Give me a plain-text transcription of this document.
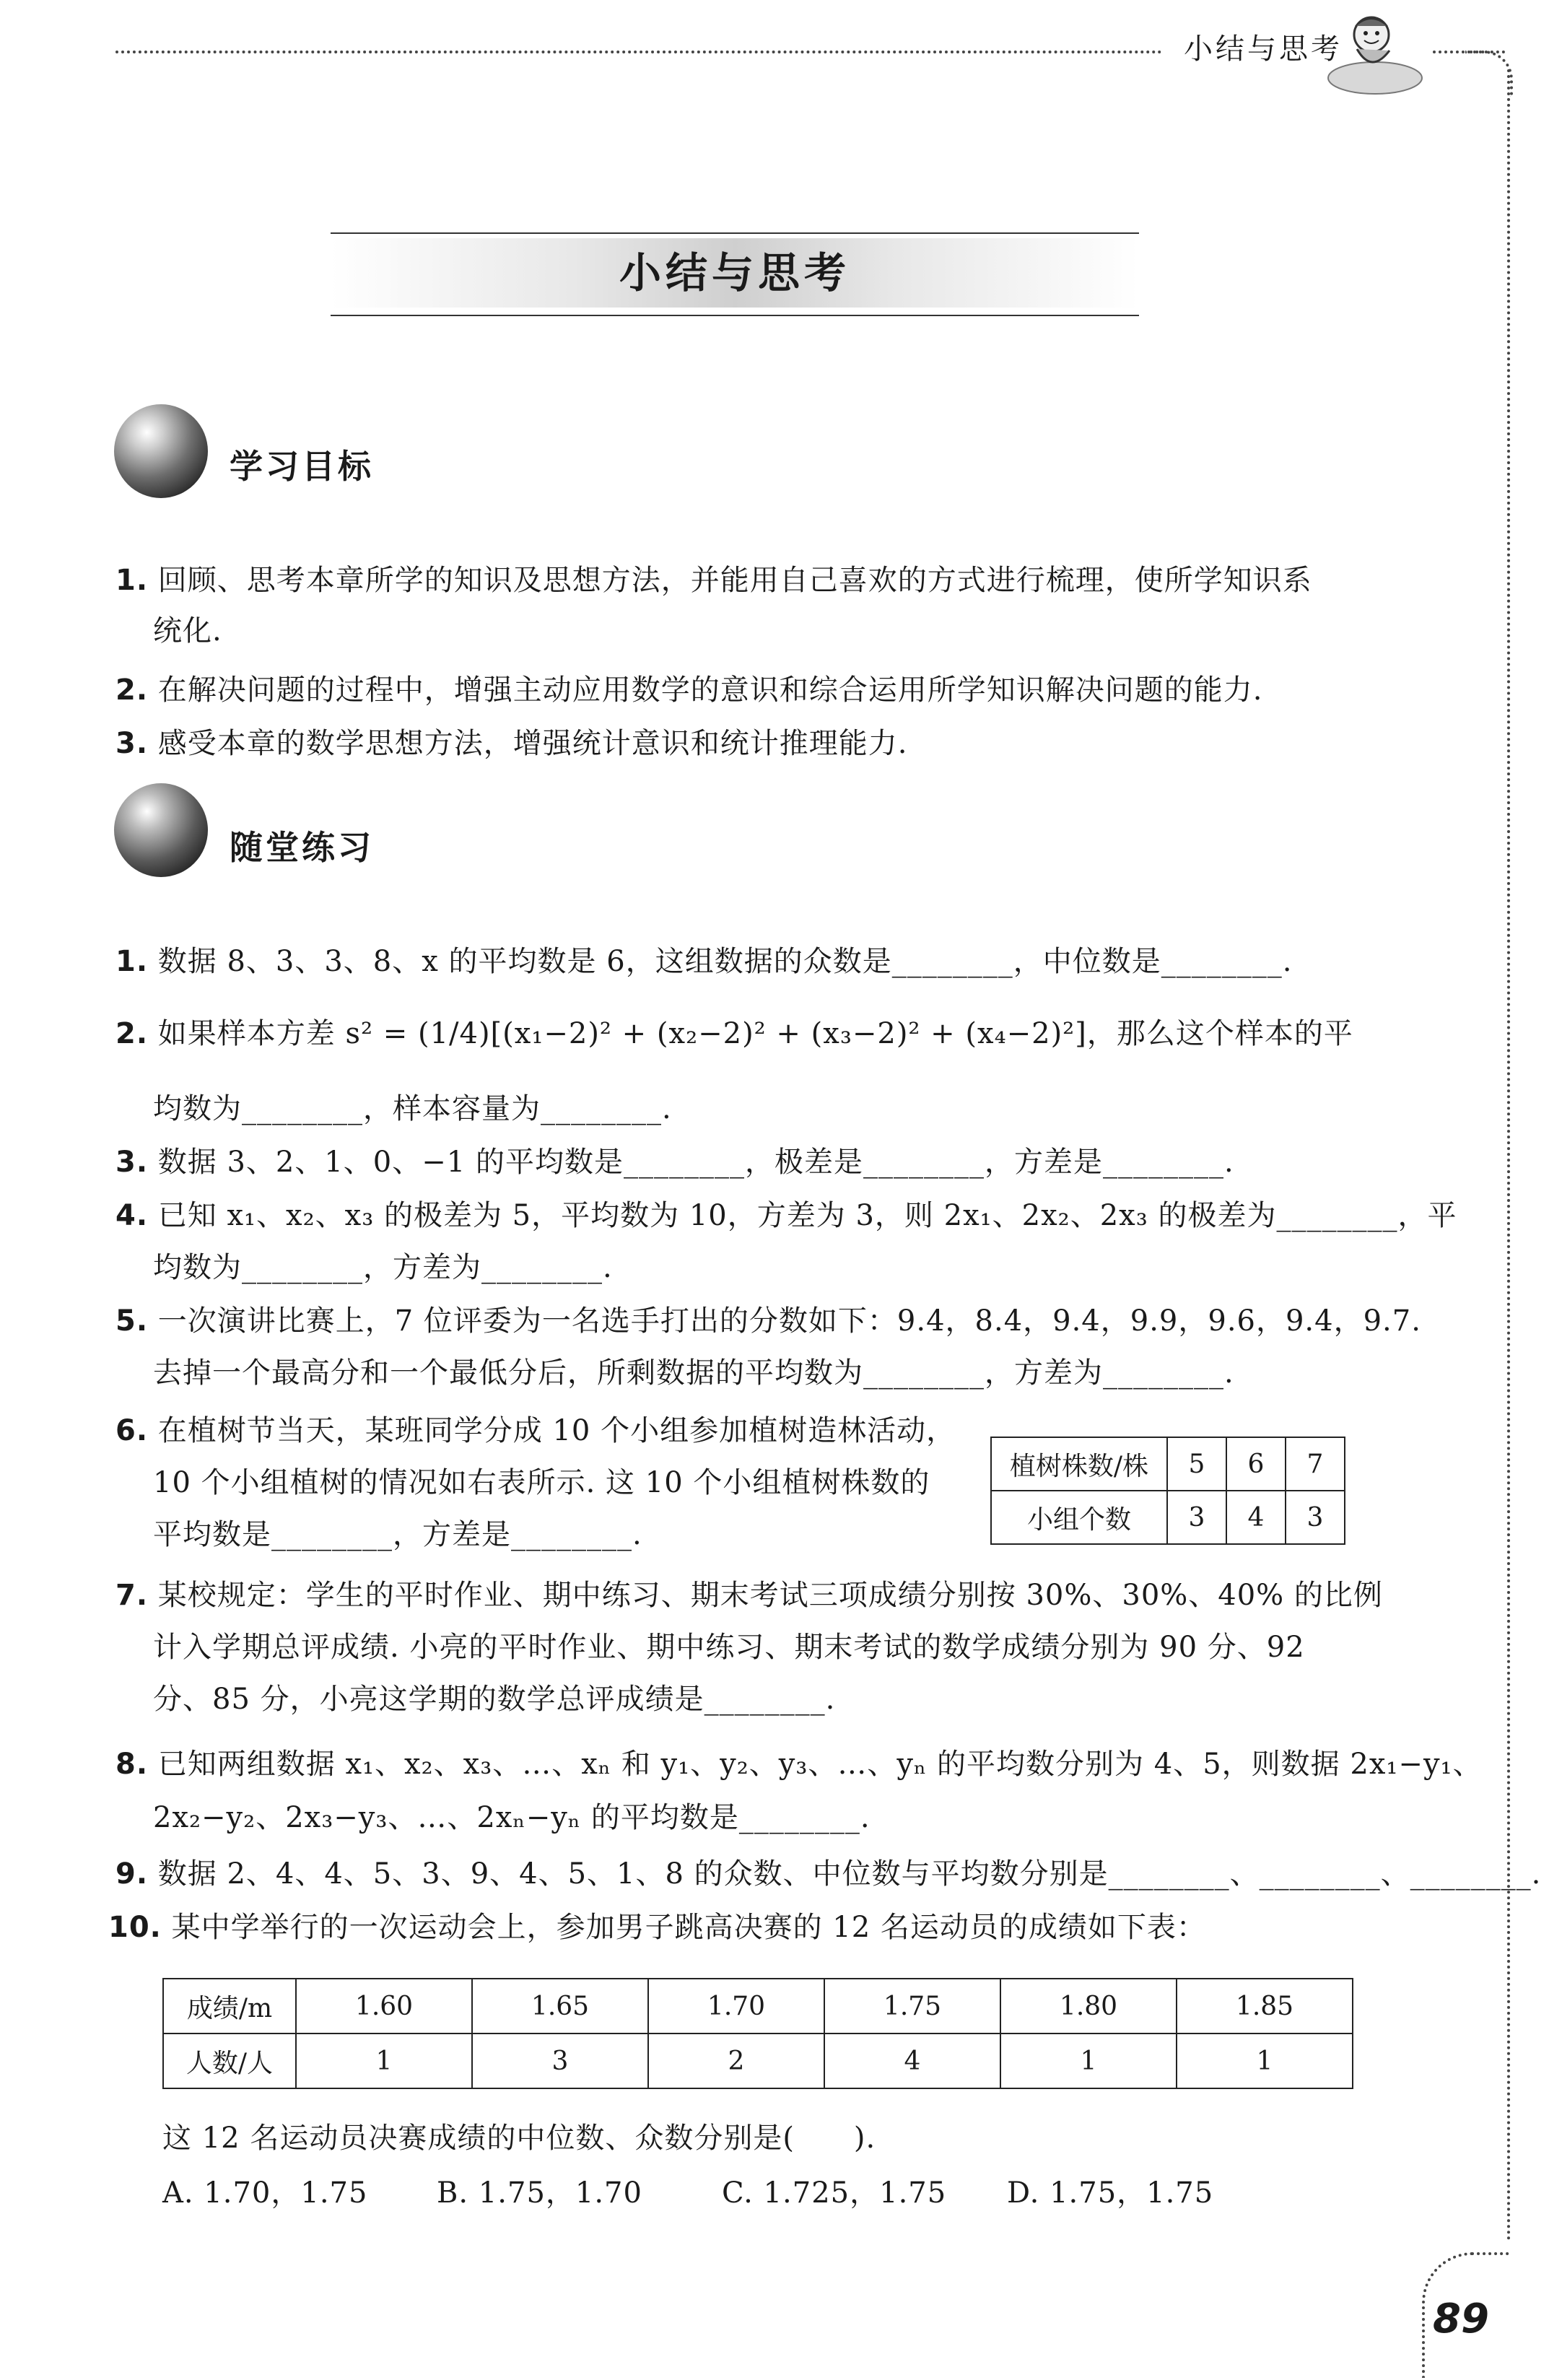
小结与思考
小结与思考
学习目标
1. 回顾、思考本章所学的知识及思想方法，并能用自己喜欢的方式进行梳理，使所学知识系
统化.
2. 在解决问题的过程中，增强主动应用数学的意识和综合运用所学知识解决问题的能力.
3. 感受本章的数学思想方法，增强统计意识和统计推理能力.
随堂练习
1. 数据 8、3、3、8、x 的平均数是 6，这组数据的众数是________，中位数是________.
2. 如果样本方差 s² = (1/4)[(x₁−2)² + (x₂−2)² + (x₃−2)² + (x₄−2)²]，那么这个样本的平
均数为________，样本容量为________.
3. 数据 3、2、1、0、−1 的平均数是________，极差是________，方差是________.
4. 已知 x₁、x₂、x₃ 的极差为 5，平均数为 10，方差为 3，则 2x₁、2x₂、2x₃ 的极差为________，平
均数为________，方差为________.
5. 一次演讲比赛上，7 位评委为一名选手打出的分数如下：9.4，8.4，9.4，9.9，9.6，9.4，9.7.
去掉一个最高分和一个最低分后，所剩数据的平均数为________，方差为________.
6. 在植树节当天，某班同学分成 10 个小组参加植树造林活动，
10 个小组植树的情况如右表所示. 这 10 个小组植树株数的
平均数是________，方差是________.
植树株数/株	5	6	7
小组个数	3	4	3
7. 某校规定：学生的平时作业、期中练习、期末考试三项成绩分别按 30%、30%、40% 的比例
计入学期总评成绩. 小亮的平时作业、期中练习、期末考试的数学成绩分别为 90 分、92
分、85 分，小亮这学期的数学总评成绩是________.
8. 已知两组数据 x₁、x₂、x₃、…、xₙ 和 y₁、y₂、y₃、…、yₙ 的平均数分别为 4、5，则数据 2x₁−y₁、
2x₂−y₂、2x₃−y₃、…、2xₙ−yₙ 的平均数是________.
9. 数据 2、4、4、5、3、9、4、5、1、8 的众数、中位数与平均数分别是________、________、________.
10. 某中学举行的一次运动会上，参加男子跳高决赛的 12 名运动员的成绩如下表：
成绩/m	1.60	1.65	1.70	1.75	1.80	1.85
人数/人	1	3	2	4	1	1
这 12 名运动员决赛成绩的中位数、众数分别是(　　).
A. 1.70，1.75 B. 1.75，1.70	C. 1.725，1.75 D. 1.75，1.75
89
